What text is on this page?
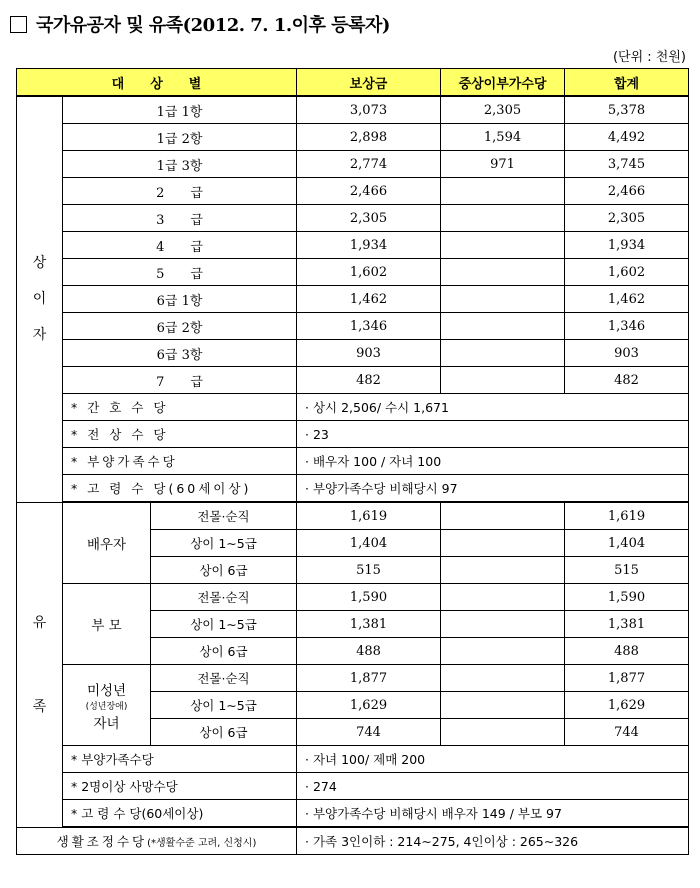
국가유공자 및 유족(2012. 7. 1.이후 등록자)
(단위 : 천원)
대　　상　　별			보상금	중상이부가수당	합계

상
이
자	1급 1항		3,073	2,305	5,378
	1급 2항		2,898	1,594	4,492
	1급 3항		2,774	971	3,745
	2　　급		2,466		2,466
	3　　급		2,305		2,305
	4　　급		1,934		1,934
	5　　급		1,602		1,602
	6급 1항		1,462		1,462
	6급 2항		1,346		1,346
	6급 3항		903		903
	7　　급		482		482
	* 간 호 수 당		· 상시 2,506/ 수시 1,671		
	* 전 상 수 당		· 23		
	* 부양가족수당		· 배우자 100 / 자녀 100		
	* 고 령 수 당(60세이상)		· 부양가족수당 비해당시 97		

유
족	배우자	전몰·순직	1,619		1,619
		상이 1∼5급	1,404		1,404
		상이 6급	515		515

	부 모	전몰·순직	1,590		1,590
		상이 1∼5급	1,381		1,381
		상이 6급	488		488

	미성년
(성년장애)
자녀	전몰·순직	1,877		1,877
		상이 1∼5급	1,629		1,629
		상이 6급	744		744
	* 부양가족수당		· 자녀 100/ 제매 200		
	* 2명이상 사망수당		· 274		
	* 고 령 수 당(60세이상)		· 부양가족수당 비해당시 배우자 149 / 부모 97		
생활조정수당(*생활수준 고려, 신청시)			· 가족 3인이하 : 214∼275, 4인이상 : 265∼326		
